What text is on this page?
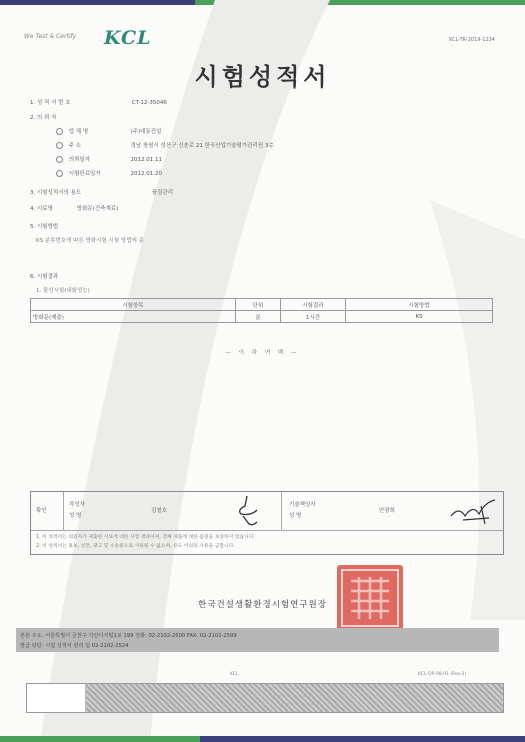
We Test & Certify KCL	KCL-TR-2019-1234
시험성적서
1. 성 적 서 번 호	CT-12-35046
2. 의 뢰 자
업 체 명	(주)대동건설
주 소	경남 창원시 성산구 신촌로 21 한국산업기술평가관리원 3층
의뢰일자	2012.01.11
시험완료일자	2012.01.20
3. 시험성적서의 용도	품질관리
4. 시료명	방화문(건축재료)
5. 시험방법
KS 분류번호에 따른 방화시험 시험 방법에 준
6. 시험결과
1. 물성시험(내화성능)
시험항목	단위	시험결과	시험방법
방화문(제출)	분	1시간	KS
— 이 하 여 백 —
확인
작성자
성 명
김철호
기술책임자
성 명
안광희
1. 이 성적서는 의뢰자가 제출한 시료에 대한 시험 결과이며, 전체 제품에 대한 품질을 보증하지 않습니다.
2. 이 성적서는 홍보, 선전, 광고 및 소송용으로 사용될 수 없으며, 용도 이외의 사용을 금합니다.
한국건설생활환경시험연구원장
본원 주소: 서울특별시 금천구 가산디지털1로 199 전화: 02-2102-2500 FAX: 02-2102-2599
발급 담당: 시험 성적서 관리 팀 02-2102-2524
KCL	KCL-QP-08-01 (Rev.3)
